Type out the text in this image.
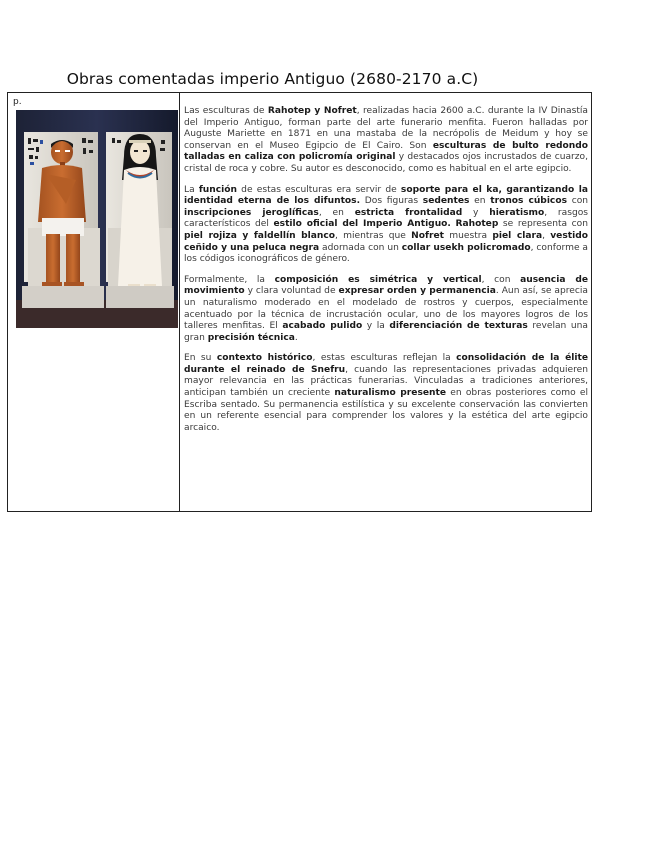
Obras comentadas imperio Antiguo (2680-2170 a.C)
p.

Las esculturas de Rahotep y Nofret, realizadas hacia 2600 a.C. durante la IV Dinastía del Imperio Antiguo, forman parte del arte funerario menfita. Fueron halladas por Auguste Mariette en 1871 en una mastaba de la necrópolis de Meidum y hoy se conservan en el Museo Egipcio de El Cairo. Son esculturas de bulto redondo talladas en caliza con policromía original y destacados ojos incrustados de cuarzo, cristal de roca y cobre. Su autor es desconocido, como es habitual en el arte egipcio.

La función de estas esculturas era servir de soporte para el ka, garantizando la identidad eterna de los difuntos. Dos figuras sedentes en tronos cúbicos con inscripciones jeroglíficas, en estricta frontalidad y hieratismo, rasgos característicos del estilo oficial del Imperio Antiguo. Rahotep se representa con piel rojiza y faldellín blanco, mientras que Nofret muestra piel clara, vestido ceñido y una peluca negra adornada con un collar usekh policromado, conforme a los códigos iconográficos de género.

Formalmente, la composición es simétrica y vertical, con ausencia de movimiento y clara voluntad de expresar orden y permanencia. Aun así, se aprecia un naturalismo moderado en el modelado de rostros y cuerpos, especialmente acentuado por la técnica de incrustación ocular, uno de los mayores logros de los talleres menfitas. El acabado pulido y la diferenciación de texturas revelan una gran precisión técnica.

En su contexto histórico, estas esculturas reflejan la consolidación de la élite durante el reinado de Snefru, cuando las representaciones privadas adquieren mayor relevancia en las prácticas funerarias. Vinculadas a tradiciones anteriores, anticipan también un creciente naturalismo presente en obras posteriores como el Escriba sentado. Su permanencia estilística y su excelente conservación las convierten en un referente esencial para comprender los valores y la estética del arte egipcio arcaico.
